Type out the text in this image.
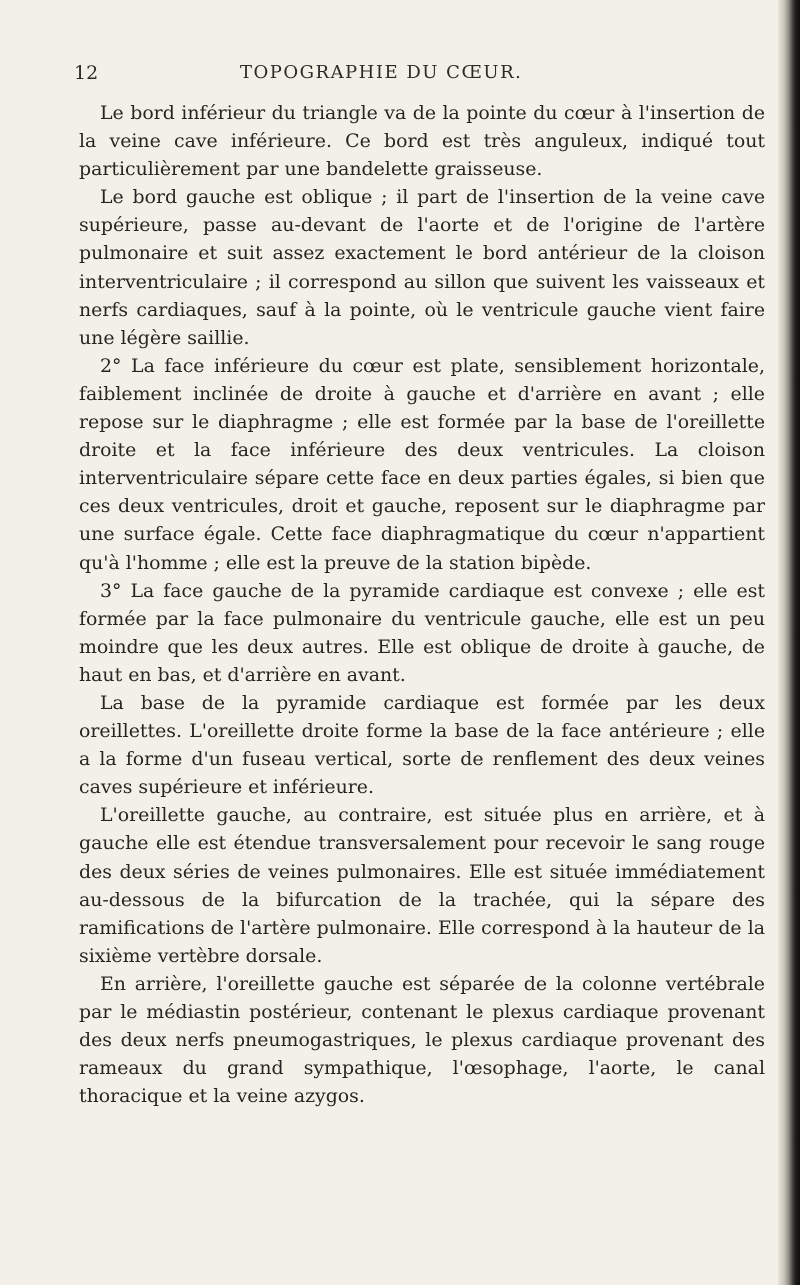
12	TOPOGRAPHIE DU CŒUR.

Le bord inférieur du triangle va de la pointe du cœur à l'insertion de la veine cave inférieure. Ce bord est très anguleux, indiqué tout particulièrement par une bandelette graisseuse.

Le bord gauche est oblique ; il part de l'insertion de la veine cave supérieure, passe au-devant de l'aorte et de l'origine de l'artère pulmonaire et suit assez exactement le bord antérieur de la cloison interventriculaire ; il correspond au sillon que suivent les vaisseaux et nerfs cardiaques, sauf à la pointe, où le ventricule gauche vient faire une légère saillie.

2° La face inférieure du cœur est plate, sensiblement horizontale, faiblement inclinée de droite à gauche et d'arrière en avant ; elle repose sur le diaphragme ; elle est formée par la base de l'oreillette droite et la face inférieure des deux ventricules. La cloison interventriculaire sépare cette face en deux parties égales, si bien que ces deux ventricules, droit et gauche, reposent sur le diaphragme par une surface égale. Cette face diaphragmatique du cœur n'appartient qu'à l'homme ; elle est la preuve de la station bipède.

3° La face gauche de la pyramide cardiaque est convexe ; elle est formée par la face pulmonaire du ventricule gauche, elle est un peu moindre que les deux autres. Elle est oblique de droite à gauche, de haut en bas, et d'arrière en avant.

La base de la pyramide cardiaque est formée par les deux oreillettes. L'oreillette droite forme la base de la face antérieure ; elle a la forme d'un fuseau vertical, sorte de renflement des deux veines caves supérieure et inférieure.

L'oreillette gauche, au contraire, est située plus en arrière, et à gauche elle est étendue transversalement pour recevoir le sang rouge des deux séries de veines pulmonaires. Elle est située immédiatement au-dessous de la bifurcation de la trachée, qui la sépare des ramifications de l'artère pulmonaire. Elle correspond à la hauteur de la sixième vertèbre dorsale.

En arrière, l'oreillette gauche est séparée de la colonne vertébrale par le médiastin postérieur, contenant le plexus cardiaque provenant des deux nerfs pneumogastriques, le plexus cardiaque provenant des rameaux du grand sympathique, l'œsophage, l'aorte, le canal thoracique et la veine azygos.
